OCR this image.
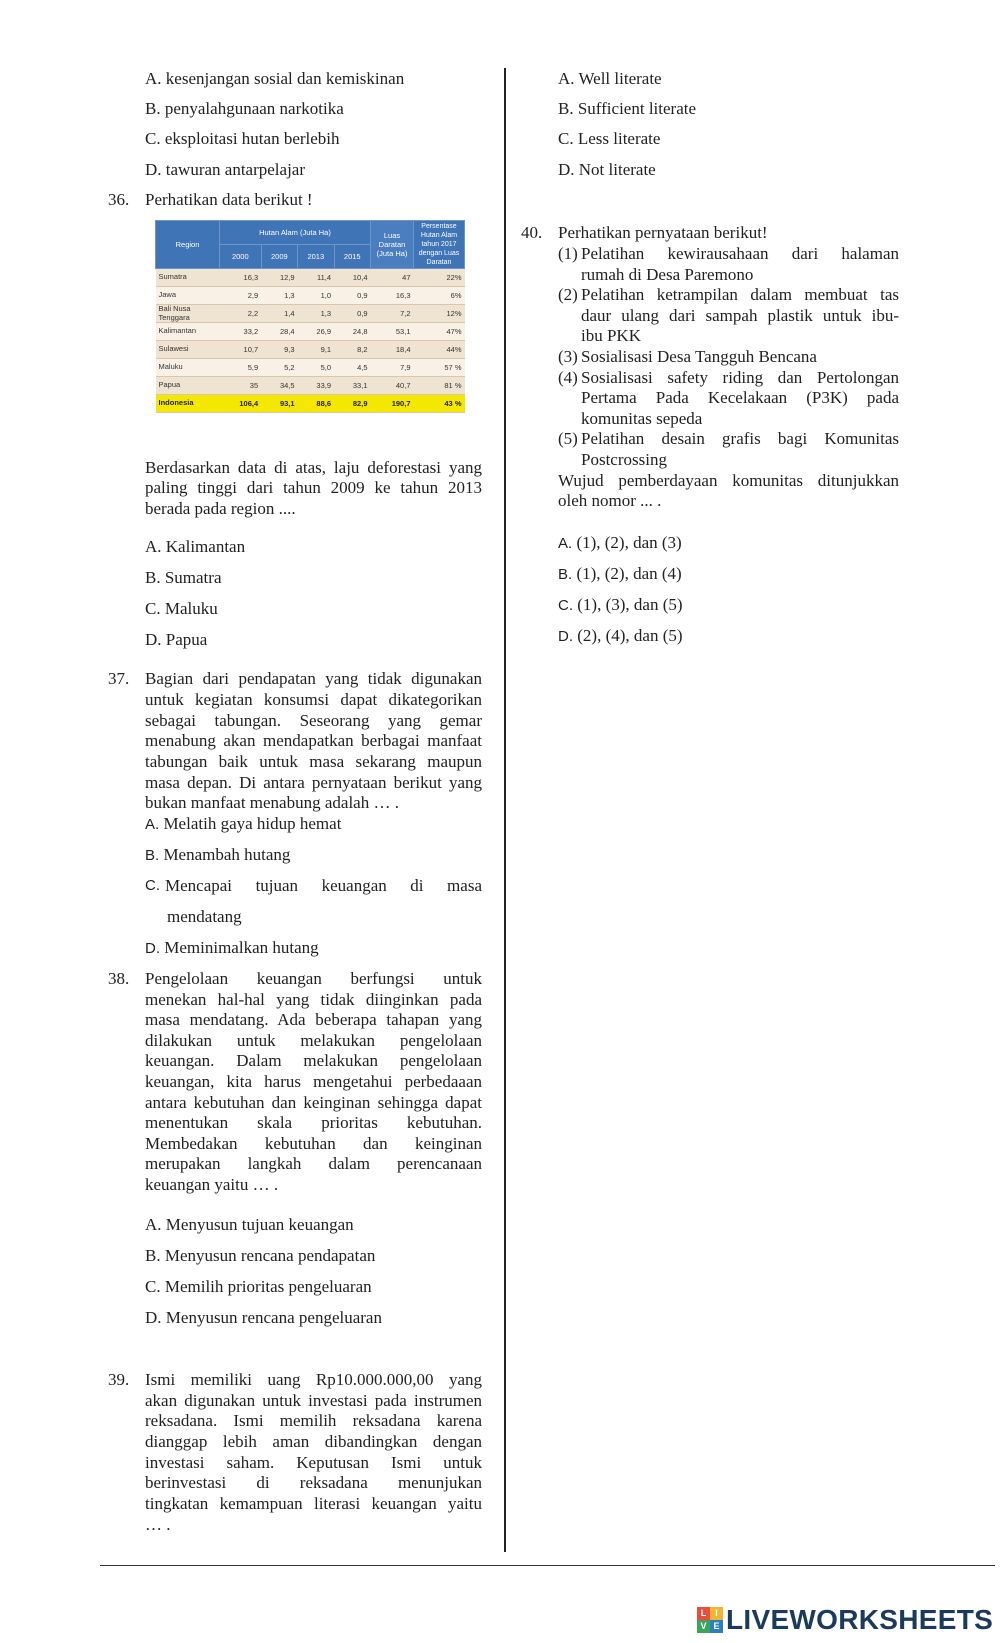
A. kesenjangan sosial dan kemiskinan
B. penyalahgunaan narkotika
C. eksploitasi hutan berlebih
D. tawuran antarpelajar
36. Perhatikan data berikut !
Region	Hutan Alam (Juta Ha)				Luas Daratan (Juta Ha)	Persentase Hutan Alam tahun 2017 dengan Luas Daratan
	2000	2009	2013	2015		
Sumatra	16,3	12,9	11,4	10,4	47	22%
Jawa	2,9	1,3	1,0	0,9	16,3	6%
Bali Nusa Tenggara	2,2	1,4	1,3	0,9	7,2	12%
Kalimantan	33,2	28,4	26,9	24,8	53,1	47%
Sulawesi	10,7	9,3	9,1	8,2	18,4	44%
Maluku	5,9	5,2	5,0	4,5	7,9	57 %
Papua	35	34,5	33,9	33,1	40,7	81 %
Indonesia	106,4	93,1	88,6	82,9	190,7	43 %
Berdasarkan data di atas, laju deforestasi yang
paling tinggi dari tahun 2009 ke tahun 2013
berada pada region ....
A. Kalimantan
B. Sumatra
C. Maluku
D. Papua
37. Bagian dari pendapatan yang tidak digunakan
untuk kegiatan konsumsi dapat dikategorikan
sebagai tabungan. Seseorang yang gemar
menabung akan mendapatkan berbagai manfaat
tabungan baik untuk masa sekarang maupun
masa depan. Di antara pernyataan berikut yang
bukan manfaat menabung adalah … .
A. Melatih gaya hidup hemat
B. Menambah hutang
C. Mencapai tujuan keuangan di masa
mendatang
D. Meminimalkan hutang
38. Pengelolaan keuangan berfungsi untuk
menekan hal-hal yang tidak diinginkan pada
masa mendatang. Ada beberapa tahapan yang
dilakukan untuk melakukan pengelolaan
keuangan. Dalam melakukan pengelolaan
keuangan, kita harus mengetahui perbedaaan
antara kebutuhan dan keinginan sehingga dapat
menentukan skala prioritas kebutuhan.
Membedakan kebutuhan dan keinginan
merupakan langkah dalam perencanaan
keuangan yaitu … .
A. Menyusun tujuan keuangan
B. Menyusun rencana pendapatan
C. Memilih prioritas pengeluaran
D. Menyusun rencana pengeluaran
39. Ismi memiliki uang Rp10.000.000,00 yang
akan digunakan untuk investasi pada instrumen
reksadana. Ismi memilih reksadana karena
dianggap lebih aman dibandingkan dengan
investasi saham. Keputusan Ismi untuk
berinvestasi di reksadana menunjukan
tingkatan kemampuan literasi keuangan yaitu
… .
A. Well literate
B. Sufficient literate
C. Less literate
D. Not literate
40. Perhatikan pernyataan berikut!
(1) Pelatihan kewirausahaan dari halaman
rumah di Desa Paremono
(2) Pelatihan ketrampilan dalam membuat tas
daur ulang dari sampah plastik untuk ibu-
ibu PKK
(3) Sosialisasi Desa Tangguh Bencana
(4) Sosialisasi safety riding dan Pertolongan
Pertama Pada Kecelakaan (P3K) pada
komunitas sepeda
(5) Pelatihan desain grafis bagi Komunitas
Postcrossing
Wujud pemberdayaan komunitas ditunjukkan
oleh nomor ... .
A. (1), (2), dan (3)
B. (1), (2), dan (4)
C. (1), (3), dan (5)
D. (2), (4), dan (5)
L I
V E LIVEWORKSHEETS
